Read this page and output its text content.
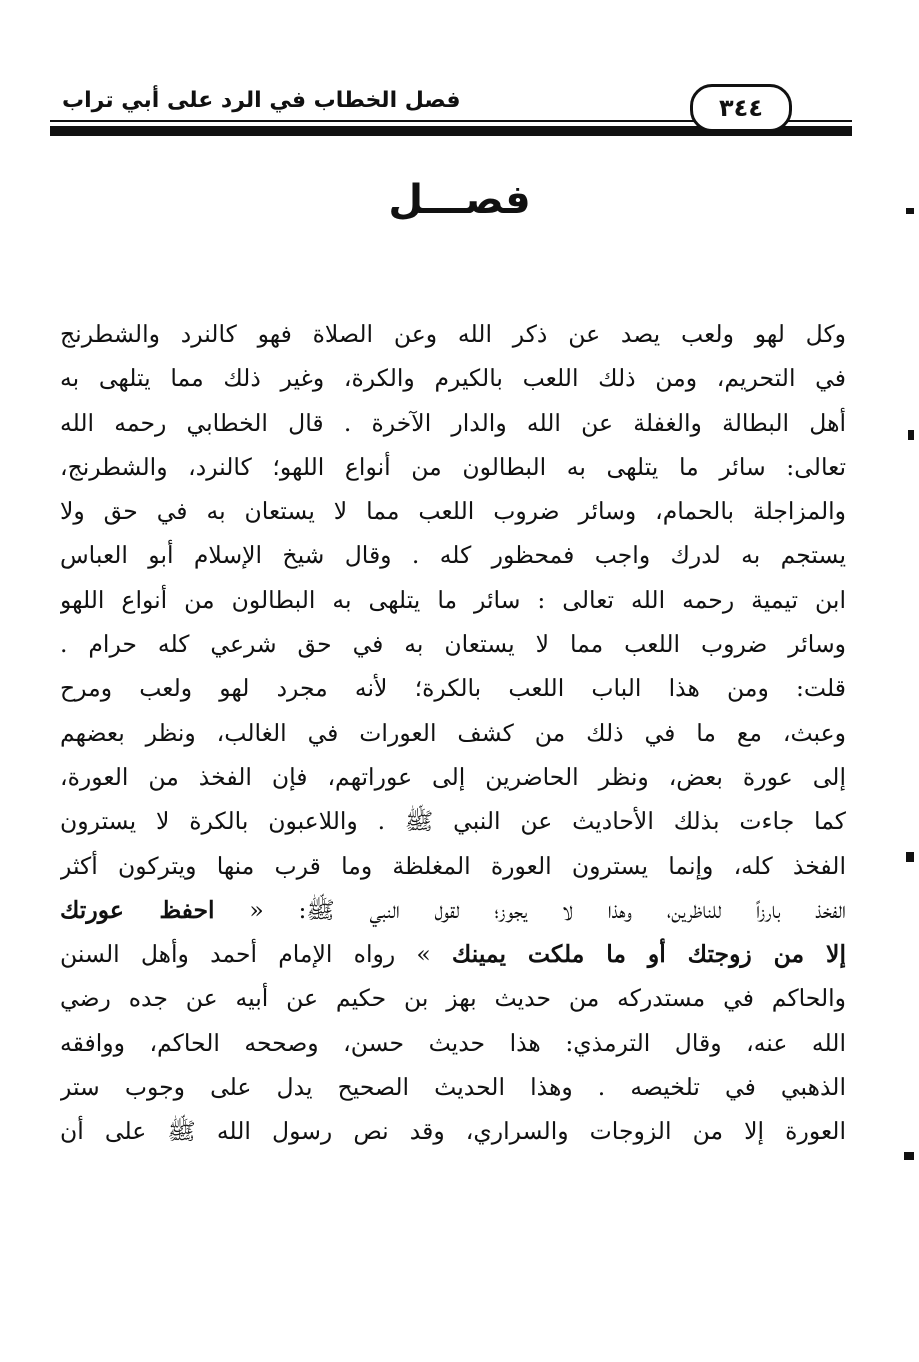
فصل الخطاب في الرد على أبي تراب	٣٤٤
فصـــل
وكل لهو ولعب يصد عن ذكر الله وعن الصلاة فهو كالنرد والشطرنج
في التحريم، ومن ذلك اللعب بالكيرم والكرة، وغير ذلك مما يتلهى به
أهل البطالة والغفلة عن الله والدار الآخرة . قال الخطابي رحمه الله
تعالى: سائر ما يتلهى به البطالون من أنواع اللهو؛ كالنرد، والشطرنج،
والمزاجلة بالحمام، وسائر ضروب اللعب مما لا يستعان به في حق ولا
يستجم به لدرك واجب فمحظور كله . وقال شيخ الإسلام أبو العباس
ابن تيمية رحمه الله تعالى : سائر ما يتلهى به البطالون من أنواع اللهو
وسائر ضروب اللعب مما لا يستعان به في حق شرعي كله حرام .
قلت: ومن هذا الباب اللعب بالكرة؛ لأنه مجرد لهو ولعب ومرح
وعبث، مع ما في ذلك من كشف العورات في الغالب، ونظر بعضهم
إلى عورة بعض، ونظر الحاضرين إلى عوراتهم، فإن الفخذ من العورة،
كما جاءت بذلك الأحاديث عن النبي ﷺ . واللاعبون بالكرة لا يسترون
الفخذ كله، وإنما يسترون العورة المغلظة وما قرب منها ويتركون أكثر
الفخذ بارزاً للناظرين، وهذا لا يجوز؛ لقول النبي ﷺ: « احفظ عورتك
إلا من زوجتك أو ما ملكت يمينك » رواه الإمام أحمد وأهل السنن
والحاكم في مستدركه من حديث بهز بن حكيم عن أبيه عن جده رضي
الله عنه، وقال الترمذي: هذا حديث حسن، وصححه الحاكم، ووافقه
الذهبي في تلخيصه . وهذا الحديث الصحيح يدل على وجوب ستر
العورة إلا من الزوجات والسراري، وقد نص رسول الله ﷺ على أن
